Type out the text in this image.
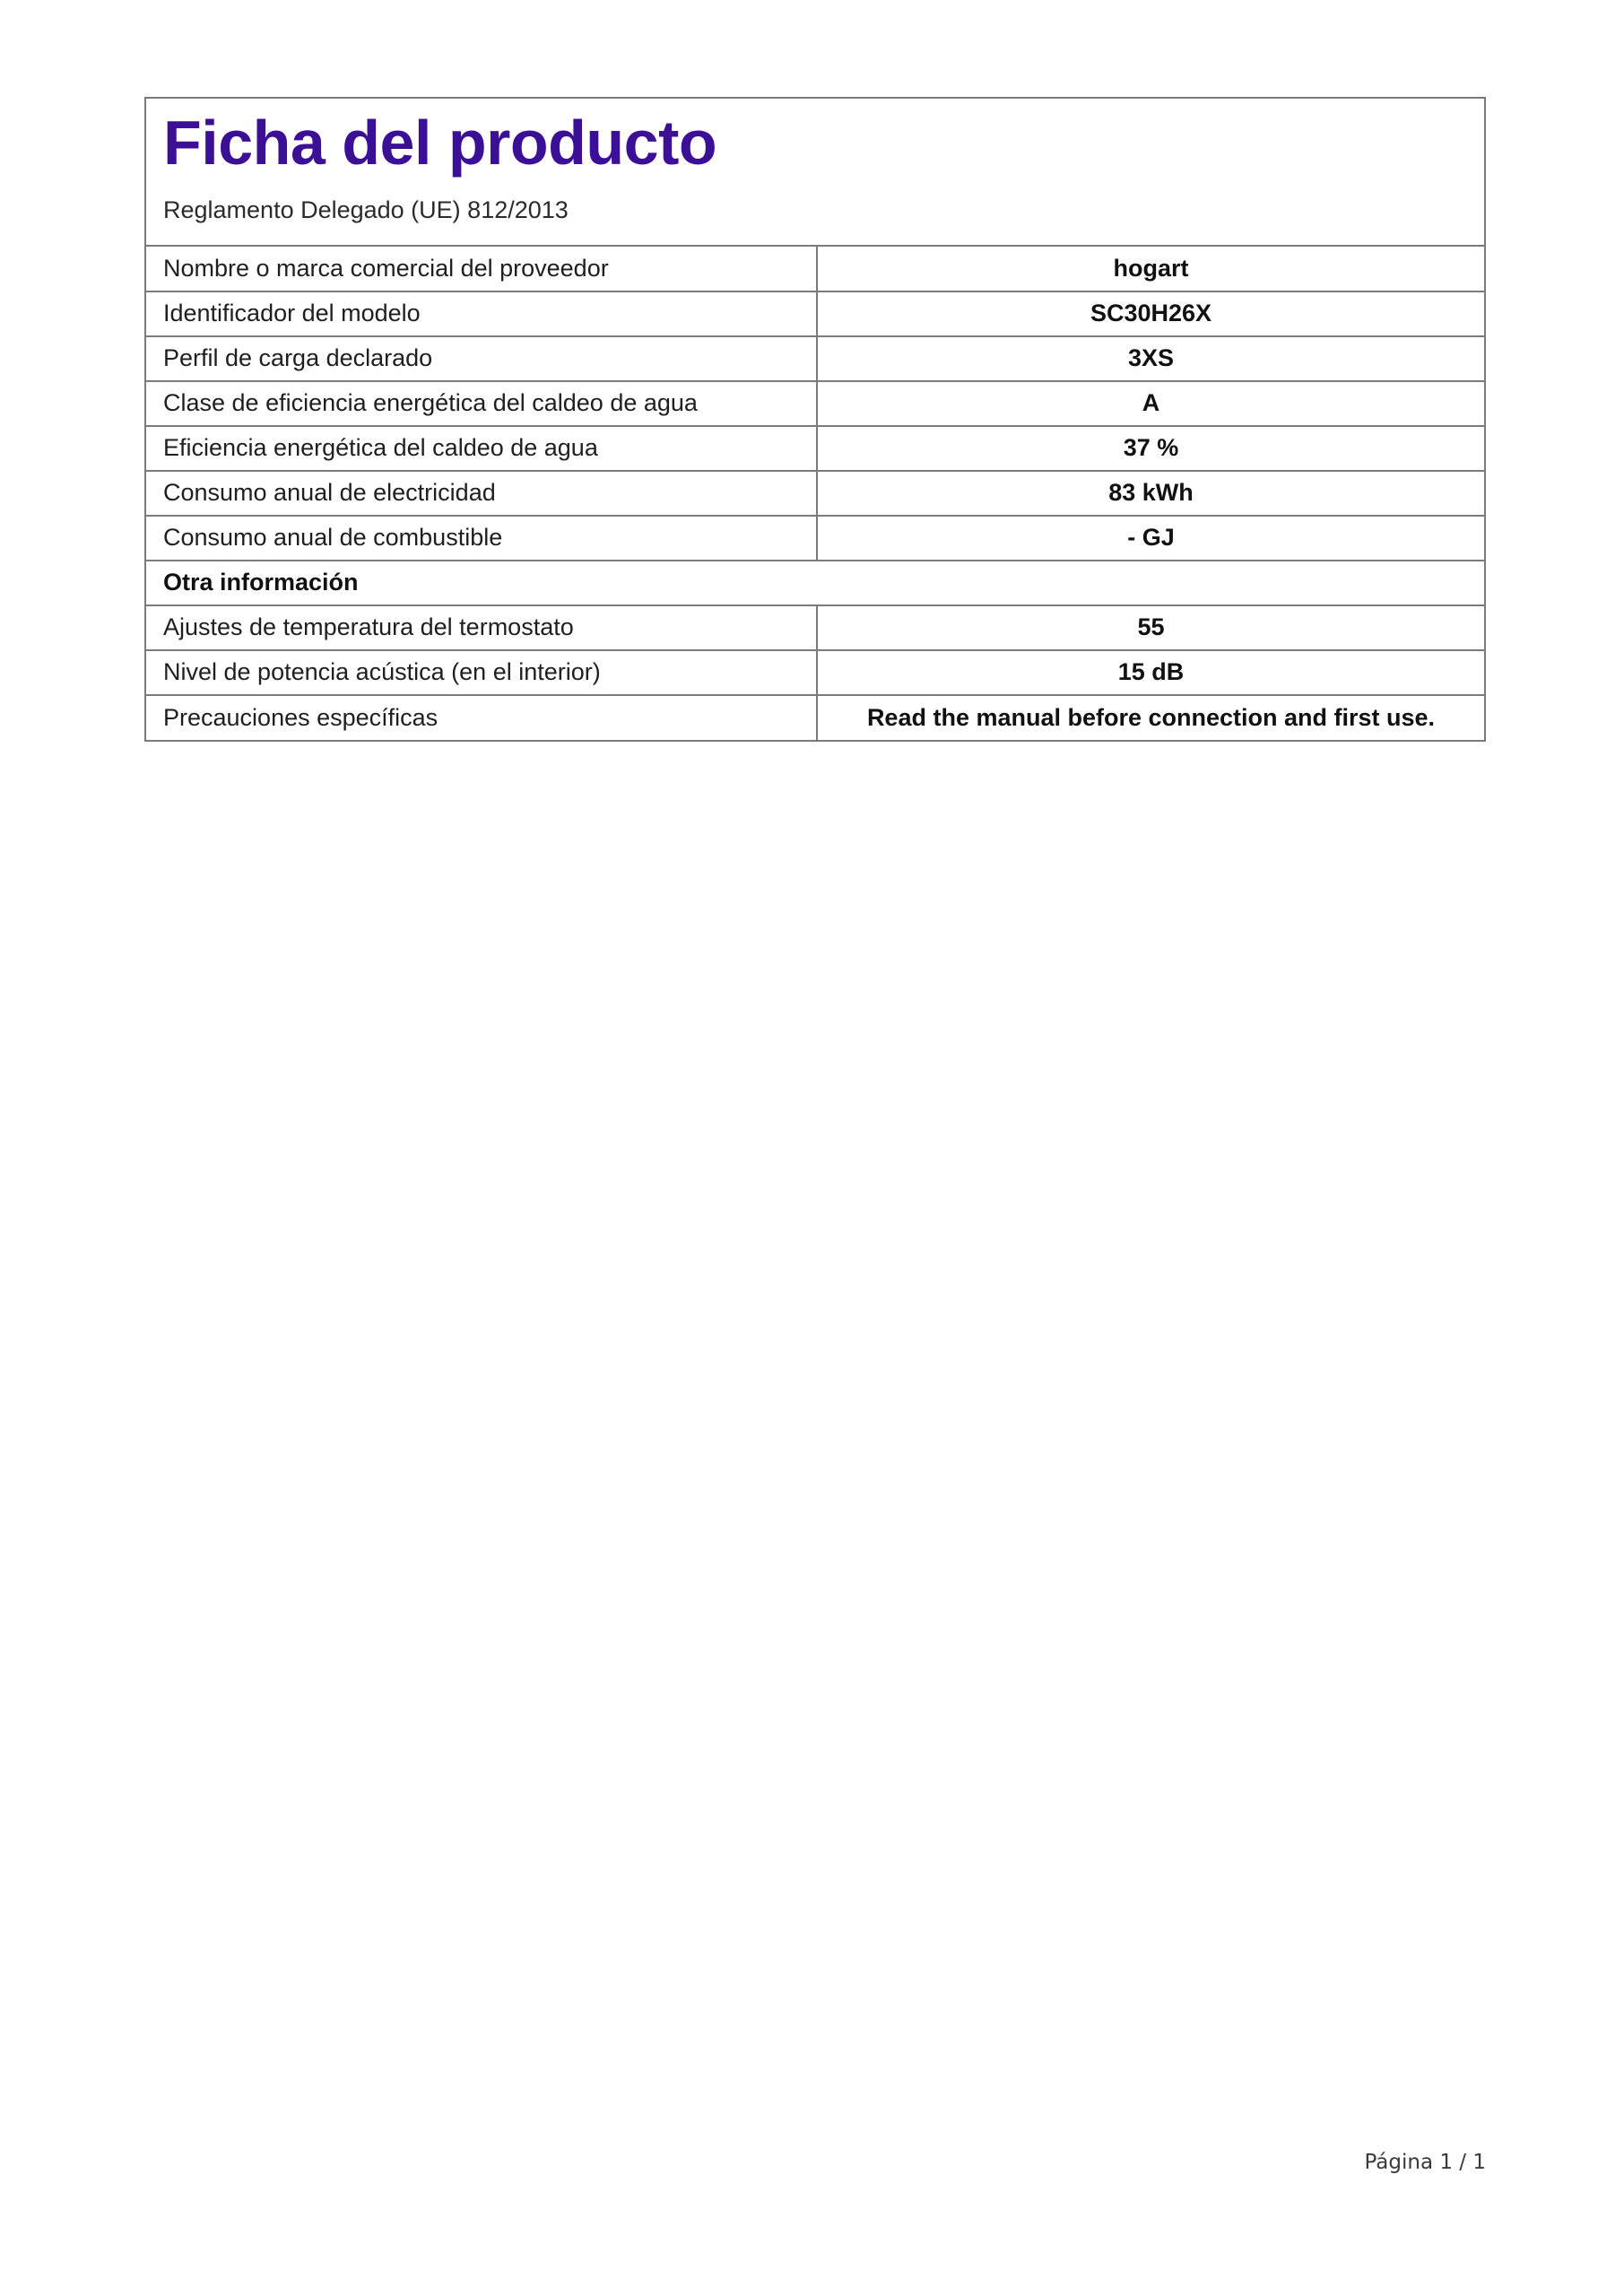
Ficha del producto
Reglamento Delegado (UE) 812/2013
Nombre o marca comercial del proveedor	hogart
Identificador del modelo	SC30H26X
Perfil de carga declarado	3XS
Clase de eficiencia energética del caldeo de agua	A
Eficiencia energética del caldeo de agua	37 %
Consumo anual de electricidad	83 kWh
Consumo anual de combustible	- GJ
Otra información	
Ajustes de temperatura del termostato	55
Nivel de potencia acústica (en el interior)	15 dB
Precauciones específicas	Read the manual before connection and first use.
Página 1 / 1
